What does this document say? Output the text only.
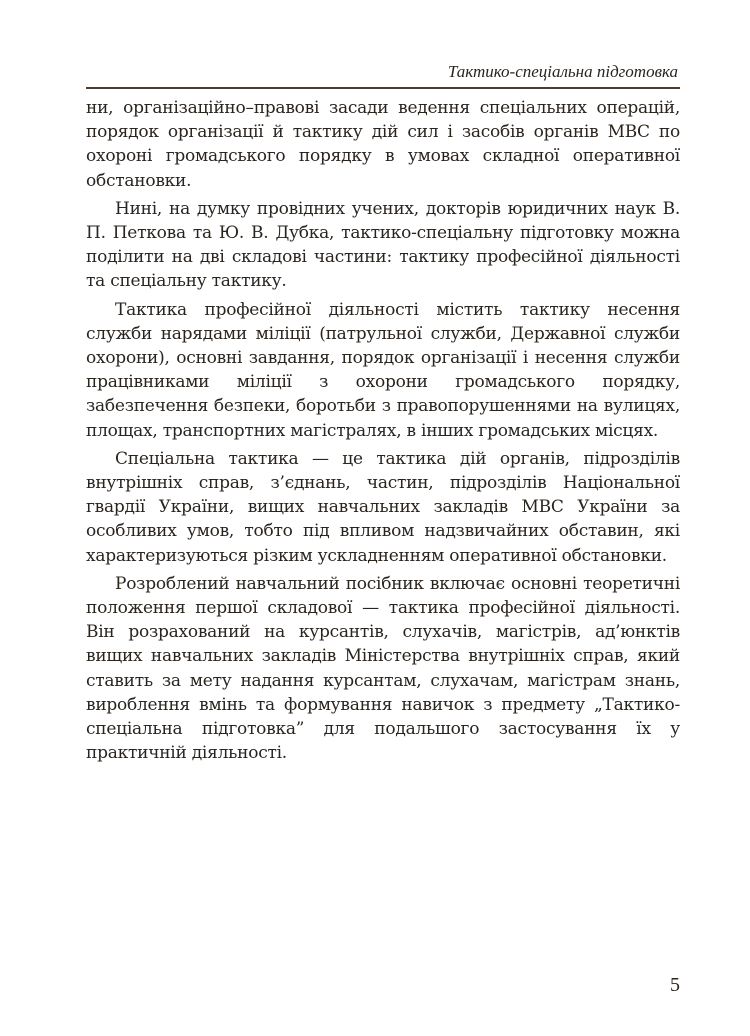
Тактико-спеціальна підготовка

ни, організаційно–правові засади ведення спеціальних операцій, порядок організації й тактику дій сил і засобів органів МВС по охороні громадського порядку в умовах складної оперативної обстановки.

Нині, на думку провідних учених, докторів юридичних наук В. П. Петкова та Ю. В. Дубка, тактико-спеціальну підготовку можна поділити на дві складові частини: тактику професійної діяльності та спеціальну тактику.

Тактика професійної діяльності містить тактику несення служби нарядами міліції (патрульної служби, Державної служби охорони), основні завдання, порядок організації і несення служби працівниками міліції з охорони громадського порядку, забезпечення безпеки, боротьби з правопорушеннями на вулицях, площах, транспортних магістралях, в інших громадських місцях.

Спеціальна тактика — це тактика дій органів, підрозділів внутрішніх справ, з’єднань, частин, підрозділів Національної гвардії України, вищих навчальних закладів МВС України за особливих умов, тобто під впливом надзвичайних обставин, які характеризуються різким ускладненням оперативної обстановки.

Розроблений навчальний посібник включає основні теоретичні положення першої складової — тактика професійної діяльності. Він розрахований на курсантів, слухачів, магістрів, ад’юнктів вищих навчальних закладів Міністерства внутрішніх справ, який ставить за мету надання курсантам, слухачам, магістрам знань, вироблення вмінь та формування навичок з предмету „Тактико-спеціальна підготовка” для подальшого застосування їх у практичній діяльності.

5
